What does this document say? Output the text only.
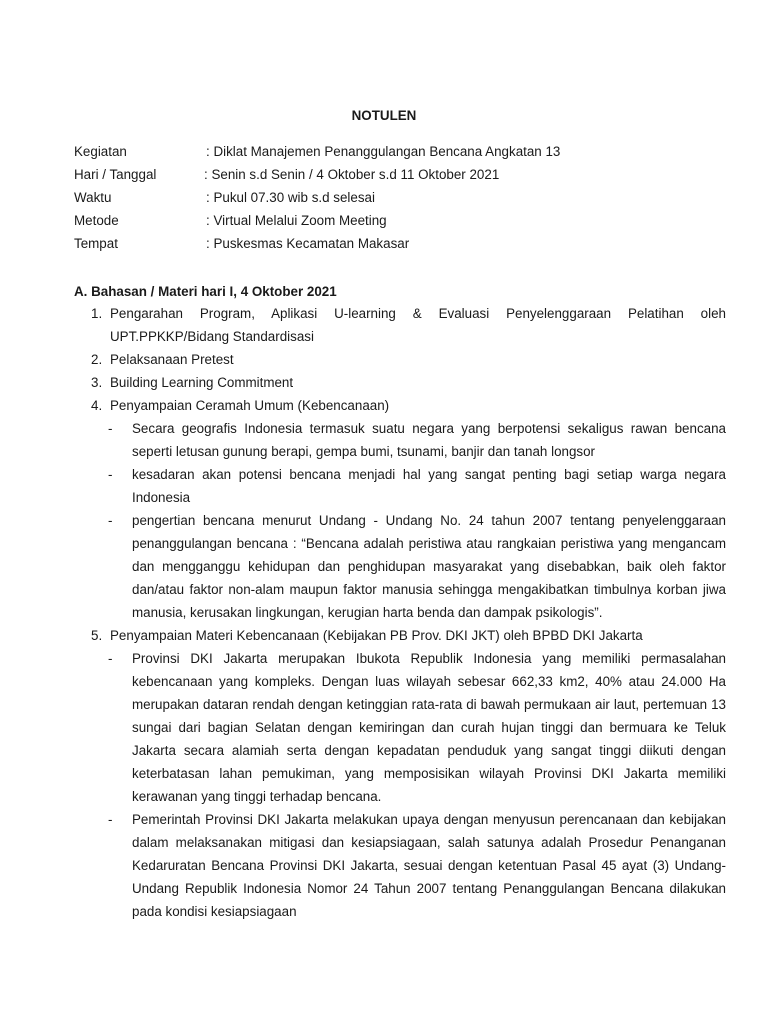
NOTULEN
Kegiatan	: Diklat Manajemen Penanggulangan Bencana Angkatan 13
Hari / Tanggal	: Senin s.d Senin / 4 Oktober s.d 11 Oktober 2021
Waktu	: Pukul 07.30 wib s.d selesai
Metode	: Virtual Melalui Zoom Meeting
Tempat	: Puskesmas Kecamatan Makasar
A. Bahasan / Materi hari I, 4 Oktober 2021
1. Pengarahan Program, Aplikasi U-learning & Evaluasi Penyelenggaraan Pelatihan oleh UPT.PPKKP/Bidang Standardisasi
2. Pelaksanaan Pretest
3. Building Learning Commitment
4. Penyampaian Ceramah Umum (Kebencanaan)
- Secara geografis Indonesia termasuk suatu negara yang berpotensi sekaligus rawan bencana seperti letusan gunung berapi, gempa bumi, tsunami, banjir dan tanah longsor
- kesadaran akan potensi bencana menjadi hal yang sangat penting bagi setiap warga negara Indonesia
- pengertian bencana menurut Undang - Undang No. 24 tahun 2007 tentang penyelenggaraan penanggulangan bencana : “Bencana adalah peristiwa atau rangkaian peristiwa yang mengancam dan mengganggu kehidupan dan penghidupan masyarakat yang disebabkan, baik oleh faktor dan/atau faktor non-alam maupun faktor manusia sehingga mengakibatkan timbulnya korban jiwa manusia, kerusakan lingkungan, kerugian harta benda dan dampak psikologis”.
5. Penyampaian Materi Kebencanaan (Kebijakan PB Prov. DKI JKT) oleh BPBD DKI Jakarta
- Provinsi DKI Jakarta merupakan Ibukota Republik Indonesia yang memiliki permasalahan kebencanaan yang kompleks. Dengan luas wilayah sebesar 662,33 km2, 40% atau 24.000 Ha merupakan dataran rendah dengan ketinggian rata-rata di bawah permukaan air laut, pertemuan 13 sungai dari bagian Selatan dengan kemiringan dan curah hujan tinggi dan bermuara ke Teluk Jakarta secara alamiah serta dengan kepadatan penduduk yang sangat tinggi diikuti dengan keterbatasan lahan pemukiman, yang memposisikan wilayah Provinsi DKI Jakarta memiliki kerawanan yang tinggi terhadap bencana.
- Pemerintah Provinsi DKI Jakarta melakukan upaya dengan menyusun perencanaan dan kebijakan dalam melaksanakan mitigasi dan kesiapsiagaan, salah satunya adalah Prosedur Penanganan Kedaruratan Bencana Provinsi DKI Jakarta, sesuai dengan ketentuan Pasal 45 ayat (3) Undang-Undang Republik Indonesia Nomor 24 Tahun 2007 tentang Penanggulangan Bencana dilakukan pada kondisi kesiapsiagaan
